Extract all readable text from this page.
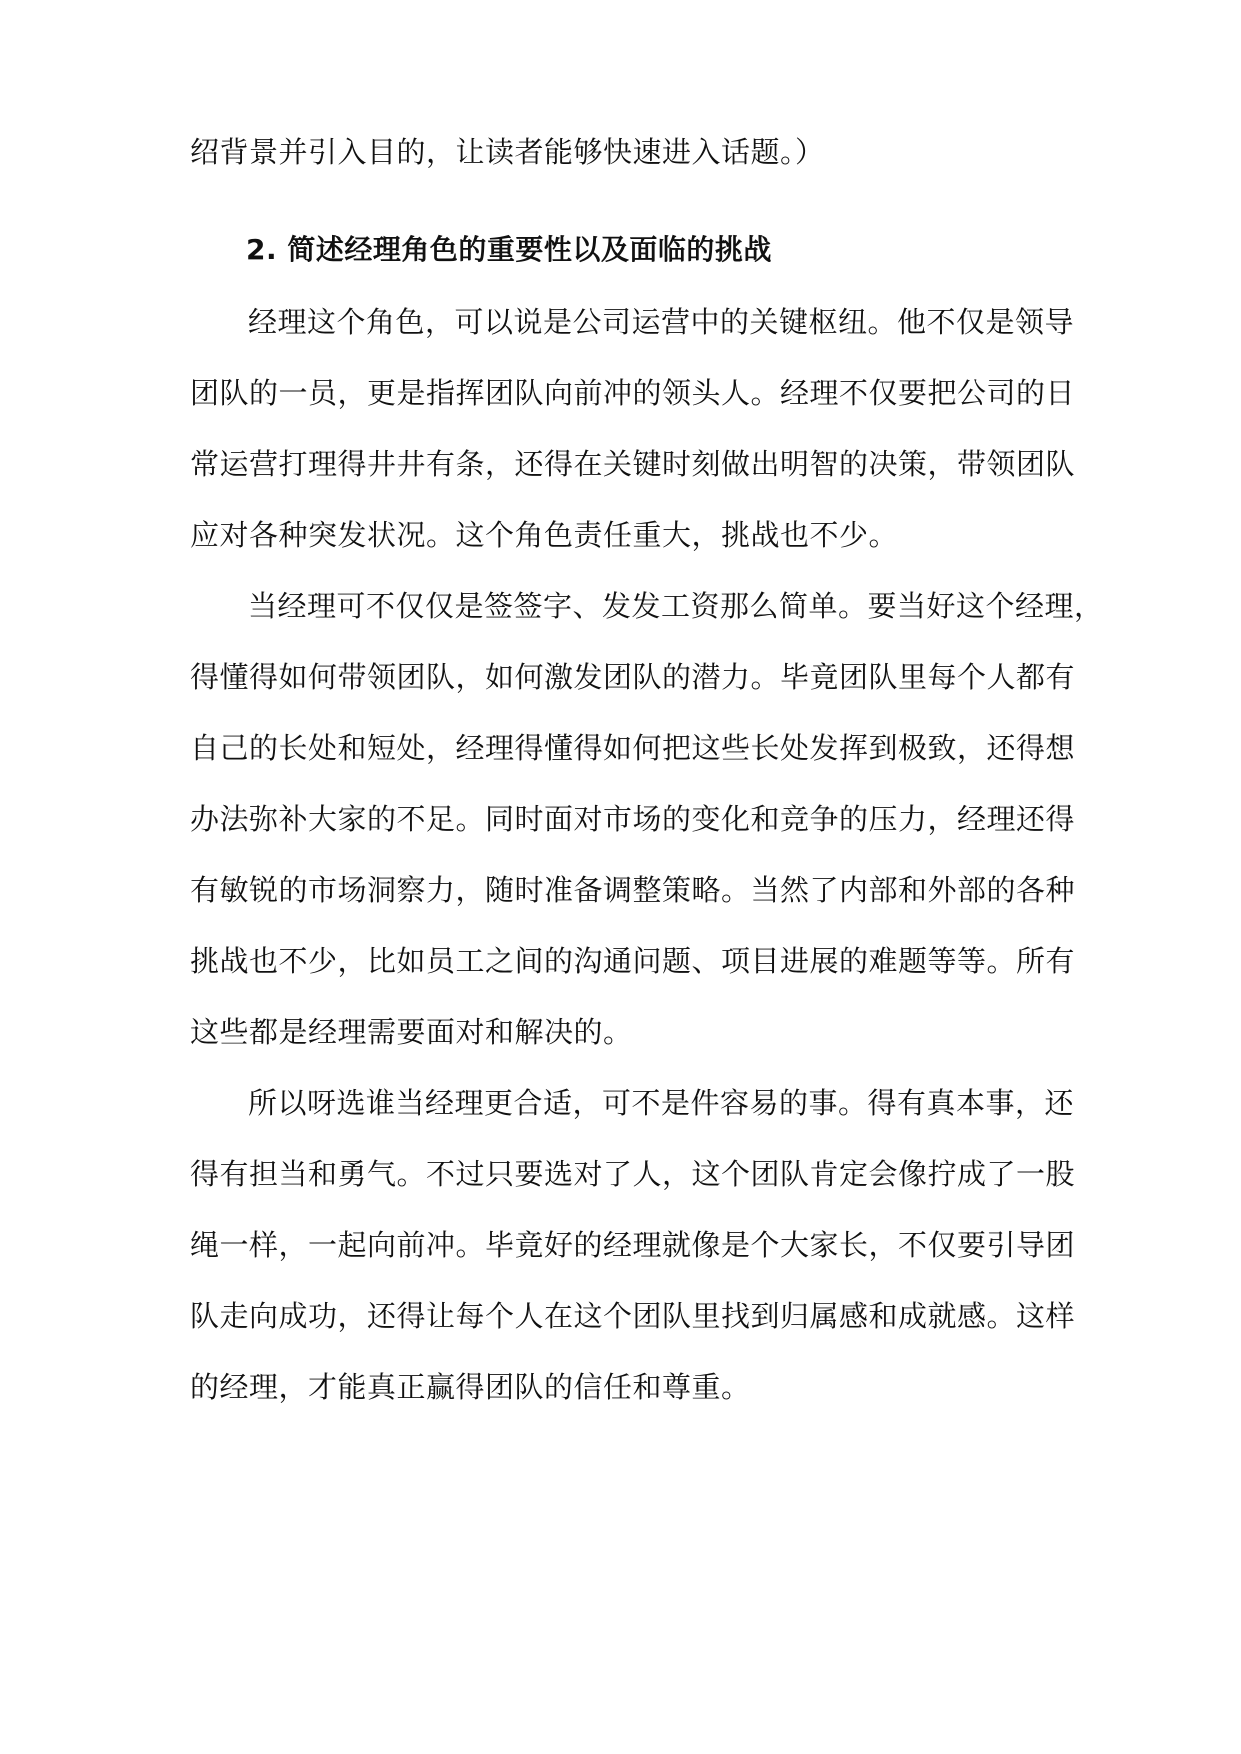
绍背景并引入目的，让读者能够快速进入话题。）
2. 简述经理角色的重要性以及面临的挑战
经理这个角色，可以说是公司运营中的关键枢纽。他不仅是领导
团队的一员，更是指挥团队向前冲的领头人。经理不仅要把公司的日
常运营打理得井井有条，还得在关键时刻做出明智的决策，带领团队
应对各种突发状况。这个角色责任重大，挑战也不少。
当经理可不仅仅是签签字、发发工资那么简单。要当好这个经理，
得懂得如何带领团队，如何激发团队的潜力。毕竟团队里每个人都有
自己的长处和短处，经理得懂得如何把这些长处发挥到极致，还得想
办法弥补大家的不足。同时面对市场的变化和竞争的压力，经理还得
有敏锐的市场洞察力，随时准备调整策略。当然了内部和外部的各种
挑战也不少，比如员工之间的沟通问题、项目进展的难题等等。所有
这些都是经理需要面对和解决的。
所以呀选谁当经理更合适，可不是件容易的事。得有真本事，还
得有担当和勇气。不过只要选对了人，这个团队肯定会像拧成了一股
绳一样，一起向前冲。毕竟好的经理就像是个大家长，不仅要引导团
队走向成功，还得让每个人在这个团队里找到归属感和成就感。这样
的经理，才能真正赢得团队的信任和尊重。
